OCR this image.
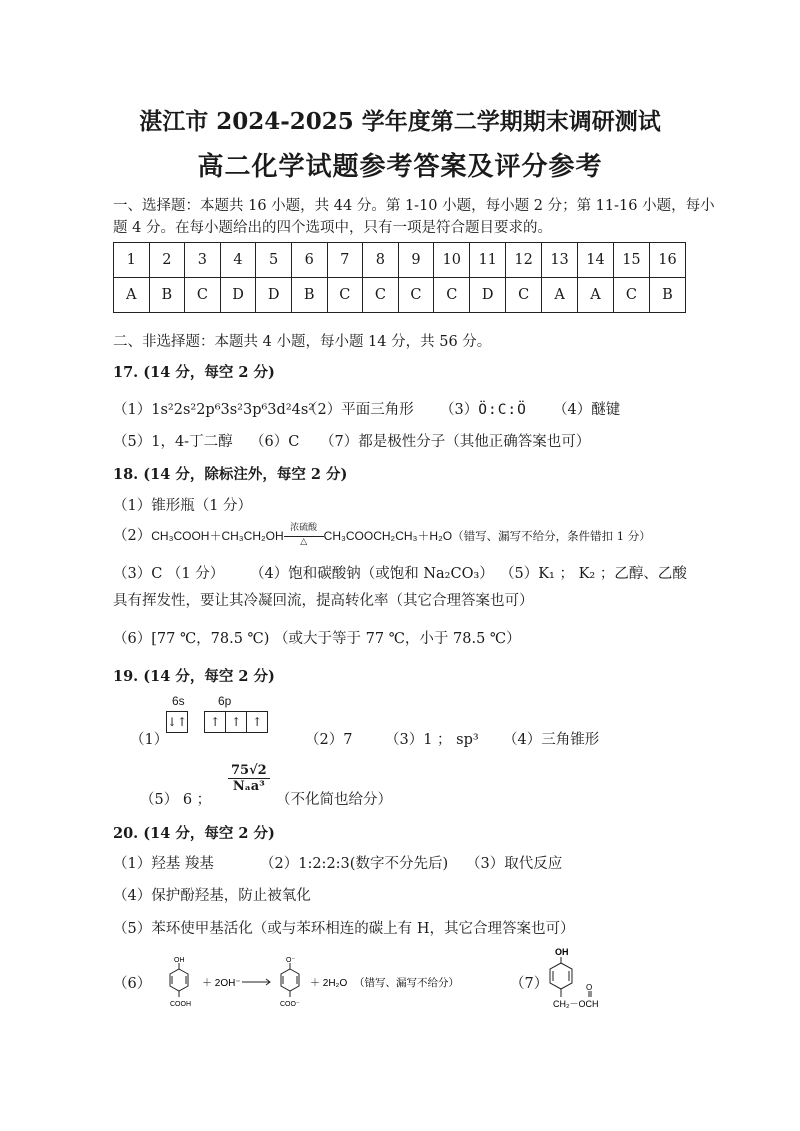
湛江市 2024-2025 学年度第二学期期末调研测试
高二化学试题参考答案及评分参考
一、选择题：本题共 16 小题，共 44 分。第 1-10 小题，每小题 2 分；第 11-16 小题，每小
题 4 分。在每小题给出的四个选项中，只有一项是符合题目要求的。
1	2	3	4	5	6	7	8	9	10	11	12	13	14	15	16
A	B	C	D	D	B	C	C	C	C	D	C	A	A	C	B
二、非选择题：本题共 4 小题，每小题 14 分，共 56 分。
17. (14 分，每空 2 分)
（1）1s²2s²2p⁶3s²3p⁶3d²4s²
（2）平面三角形 （3）Ö:C:Ö （4）醚键
（5）1，4-丁二醇 （6）C （7）都是极性分子（其他正确答案也可）
18. (14 分，除标注外，每空 2 分)
（1）锥形瓶（1 分）
（2）CH₃COOH＋CH₃CH₂OH
浓硫酸
△	CH₃COOCH₂CH₃＋H₂O（错写、漏写不给分，条件错扣 1 分）
（3）C （1 分） （4）饱和碳酸钠（或饱和 Na₂CO₃） （5）K₁ ； K₂ ；乙醇、乙酸
具有挥发性，要让其冷凝回流，提高转化率（其它合理答案也可）
（6）[77 ℃，78.5 ℃) （或大于等于 77 ℃，小于 78.5 ℃）
19. (14 分，每空 2 分)
6s	6p
（1）
↓↑ ↑ ↑ ↑
（2）7 （3）1 ； sp³ （4）三角锥形
（5） 6 ；
$\frac{75√2}{\text{Nₐa³}}$
（不化简也给分）
20. (14 分，每空 2 分)
（1）羟基 羧基	（2）1:2:2:3(数字不分先后) （3）取代反应
（4）保护酚羟基，防止被氧化
（5）苯环使甲基活化（或与苯环相连的碳上有 H，其它合理答案也可）
（6）
OH
COOH
＋ 2OH⁻
O⁻
COO⁻
＋ 2H₂O （错写、漏写不给分）	（7）
OH
O
CH₂－OCH
